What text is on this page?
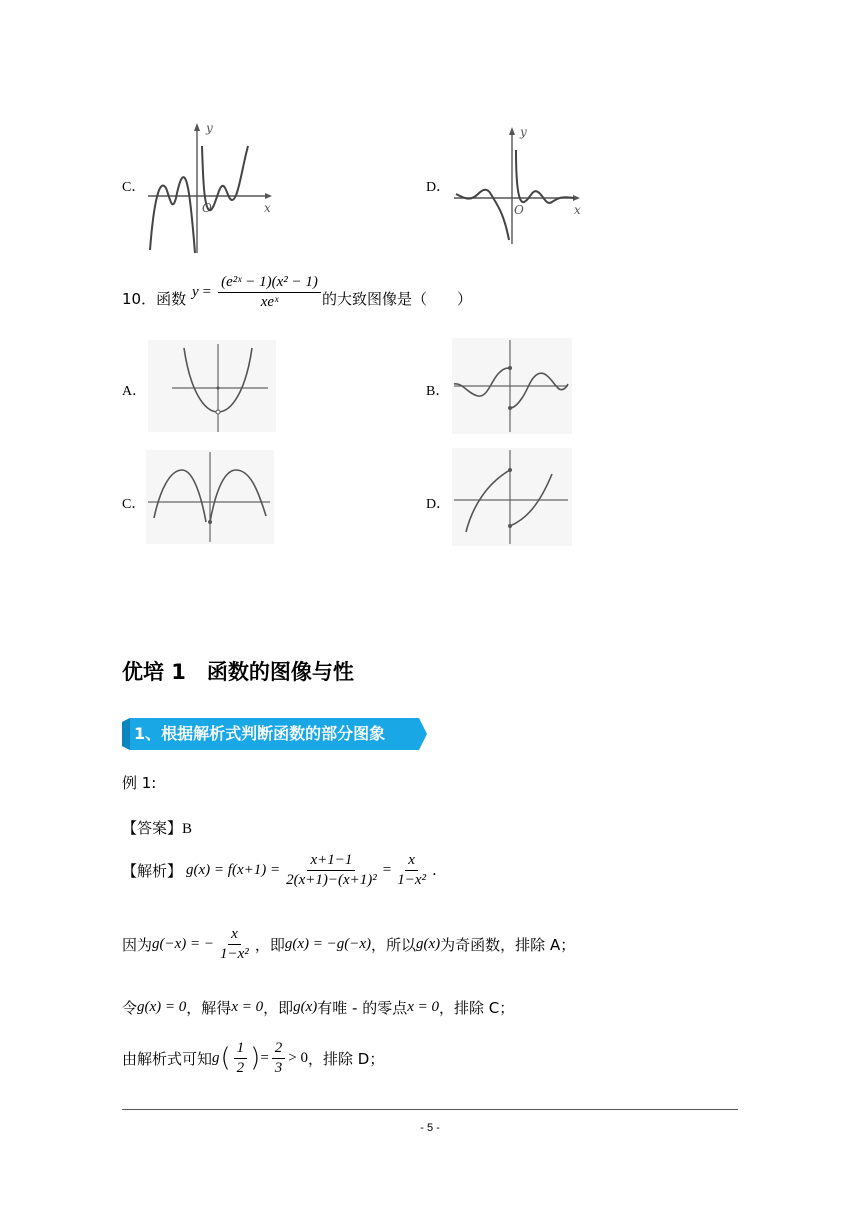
C．
y
x
O
D．
y
x
O
10．函数 $y = \frac{\text{(e²ˣ − 1)(x² − 1)}}{\text{xeˣ}}$ 的大致图像是（　　）
A．	B．
C．	D．
优培 1　函数的图像与性
1、根据解析式判断函数的部分图象
例 1:
【答案】B
【解析】 $g(x) = f(x+1) = \frac{x+1-1}{\text{2(x+1)−(x+1)²}} = \frac{x}{\text{1−x²}}$ .
因为 g(−x) = − $\frac{x}{\text{1−x²}}$ ，即 g(x) = −g(−x) ，所以 g(x) 为奇函数，排除 A；
令 g(x) = 0 ，解得 x = 0 ，即 g(x) 有唯 - 的零点 x = 0 ，排除 C；
由解析式可知 g ( $\frac{1}{2}$ ) = $\frac{2}{3} > 0$ ，排除 D；
- 5 -
